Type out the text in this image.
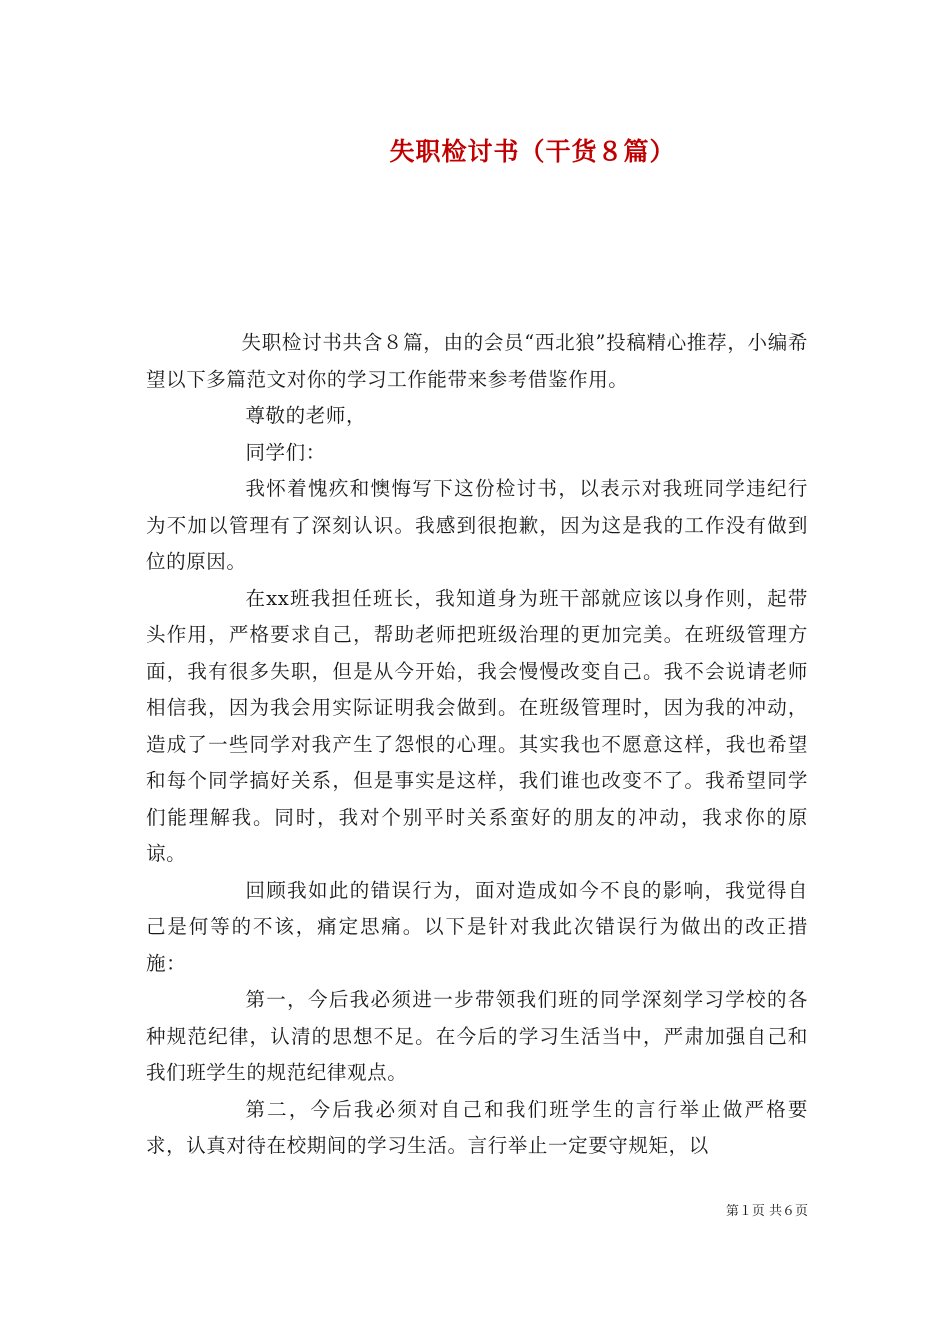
失职检讨书（干货８篇）

失职检讨书共含８篇，由的会员“西北狼”投稿精心推荐，小编希望以下多篇范文对你的学习工作能带来参考借鉴作用。

尊敬的老师，

同学们：

我怀着愧疚和懊悔写下这份检讨书，以表示对我班同学违纪行为不加以管理有了深刻认识。我感到很抱歉，因为这是我的工作没有做到位的原因。

在xx班我担任班长，我知道身为班干部就应该以身作则，起带头作用，严格要求自己，帮助老师把班级治理的更加完美。在班级管理方面，我有很多失职，但是从今开始，我会慢慢改变自己。我不会说请老师相信我，因为我会用实际证明我会做到。在班级管理时，因为我的冲动，造成了一些同学对我产生了怨恨的心理。其实我也不愿意这样，我也希望和每个同学搞好关系，但是事实是这样，我们谁也改变不了。我希望同学们能理解我。同时，我对个别平时关系蛮好的朋友的冲动，我求你的原谅。

回顾我如此的错误行为，面对造成如今不良的影响，我觉得自己是何等的不该，痛定思痛。以下是针对我此次错误行为做出的改正措施：

第一，今后我必须进一步带领我们班的同学深刻学习学校的各种规范纪律，认清的思想不足。在今后的学习生活当中，严肃加强自己和我们班学生的规范纪律观点。

第二，今后我必须对自己和我们班学生的言行举止做严格要求，认真对待在校期间的学习生活。言行举止一定要守规矩，以

第１页 共６页
